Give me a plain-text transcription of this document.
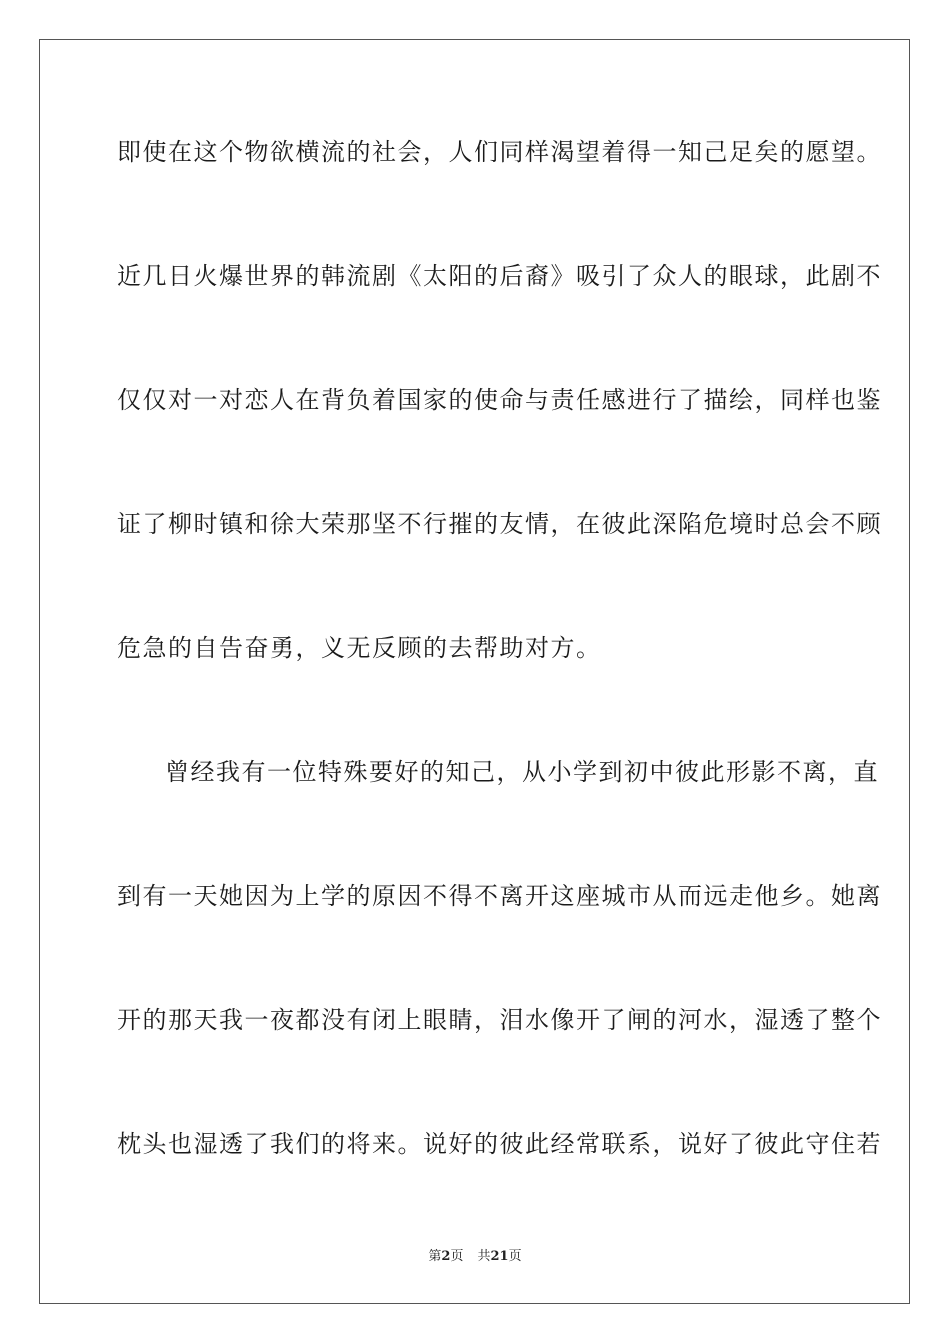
即使在这个物欲横流的社会，人们同样渴望着得一知己足矣的愿望。
近几日火爆世界的韩流剧《太阳的后裔》吸引了众人的眼球，此剧不
仅仅对一对恋人在背负着国家的使命与责任感进行了描绘，同样也鉴
证了柳时镇和徐大荣那坚不行摧的友情，在彼此深陷危境时总会不顾
危急的自告奋勇，义无反顾的去帮助对方。
曾经我有一位特殊要好的知己，从小学到初中彼此形影不离，直
到有一天她因为上学的原因不得不离开这座城市从而远走他乡。她离
开的那天我一夜都没有闭上眼睛，泪水像开了闸的河水，湿透了整个
枕头也湿透了我们的将来。说好的彼此经常联系，说好了彼此守住若
第2页 共21页
